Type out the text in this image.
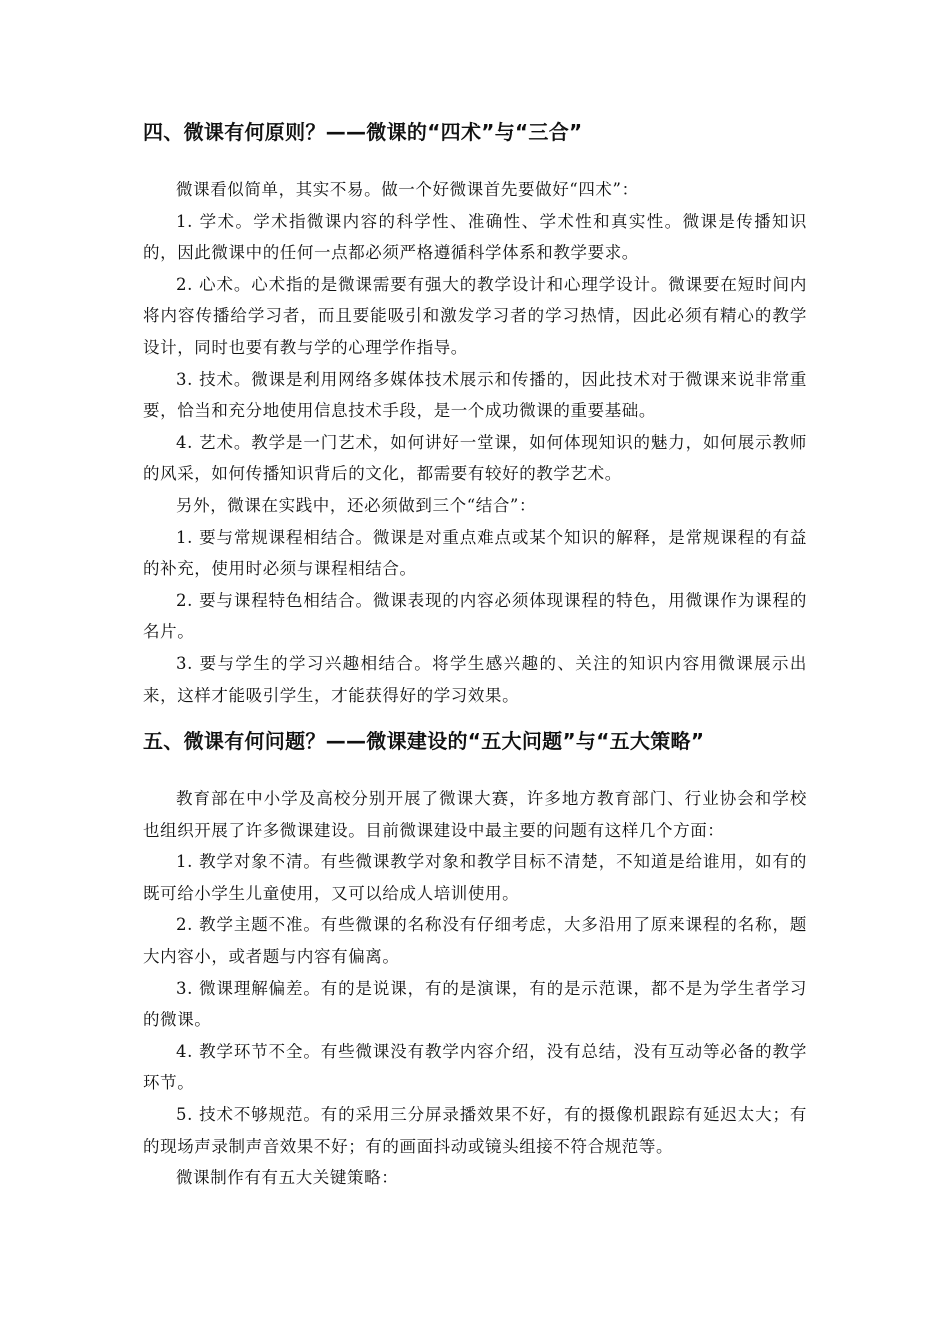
四、微课有何原则？——微课的“四术”与“三合”

微课看似简单，其实不易。做一个好微课首先要做好“四术”：

1. 学术。学术指微课内容的科学性、准确性、学术性和真实性。微课是传播知识的，因此微课中的任何一点都必须严格遵循科学体系和教学要求。

2. 心术。心术指的是微课需要有强大的教学设计和心理学设计。微课要在短时间内将内容传播给学习者，而且要能吸引和激发学习者的学习热情，因此必须有精心的教学设计，同时也要有教与学的心理学作指导。

3. 技术。微课是利用网络多媒体技术展示和传播的，因此技术对于微课来说非常重要，恰当和充分地使用信息技术手段，是一个成功微课的重要基础。

4. 艺术。教学是一门艺术，如何讲好一堂课，如何体现知识的魅力，如何展示教师的风采，如何传播知识背后的文化，都需要有较好的教学艺术。

另外，微课在实践中，还必须做到三个“结合”：

1. 要与常规课程相结合。微课是对重点难点或某个知识的解释，是常规课程的有益的补充，使用时必须与课程相结合。

2. 要与课程特色相结合。微课表现的内容必须体现课程的特色，用微课作为课程的名片。

3. 要与学生的学习兴趣相结合。将学生感兴趣的、关注的知识内容用微课展示出来，这样才能吸引学生，才能获得好的学习效果。

五、微课有何问题？——微课建设的“五大问题”与“五大策略”

教育部在中小学及高校分别开展了微课大赛，许多地方教育部门、行业协会和学校也组织开展了许多微课建设。目前微课建设中最主要的问题有这样几个方面：

1. 教学对象不清。有些微课教学对象和教学目标不清楚，不知道是给谁用，如有的既可给小学生儿童使用，又可以给成人培训使用。

2. 教学主题不准。有些微课的名称没有仔细考虑，大多沿用了原来课程的名称，题大内容小，或者题与内容有偏离。

3. 微课理解偏差。有的是说课，有的是演课，有的是示范课，都不是为学生者学习的微课。

4. 教学环节不全。有些微课没有教学内容介绍，没有总结，没有互动等必备的教学环节。

5. 技术不够规范。有的采用三分屏录播效果不好，有的摄像机跟踪有延迟太大；有的现场声录制声音效果不好；有的画面抖动或镜头组接不符合规范等。

微课制作有有五大关键策略：
